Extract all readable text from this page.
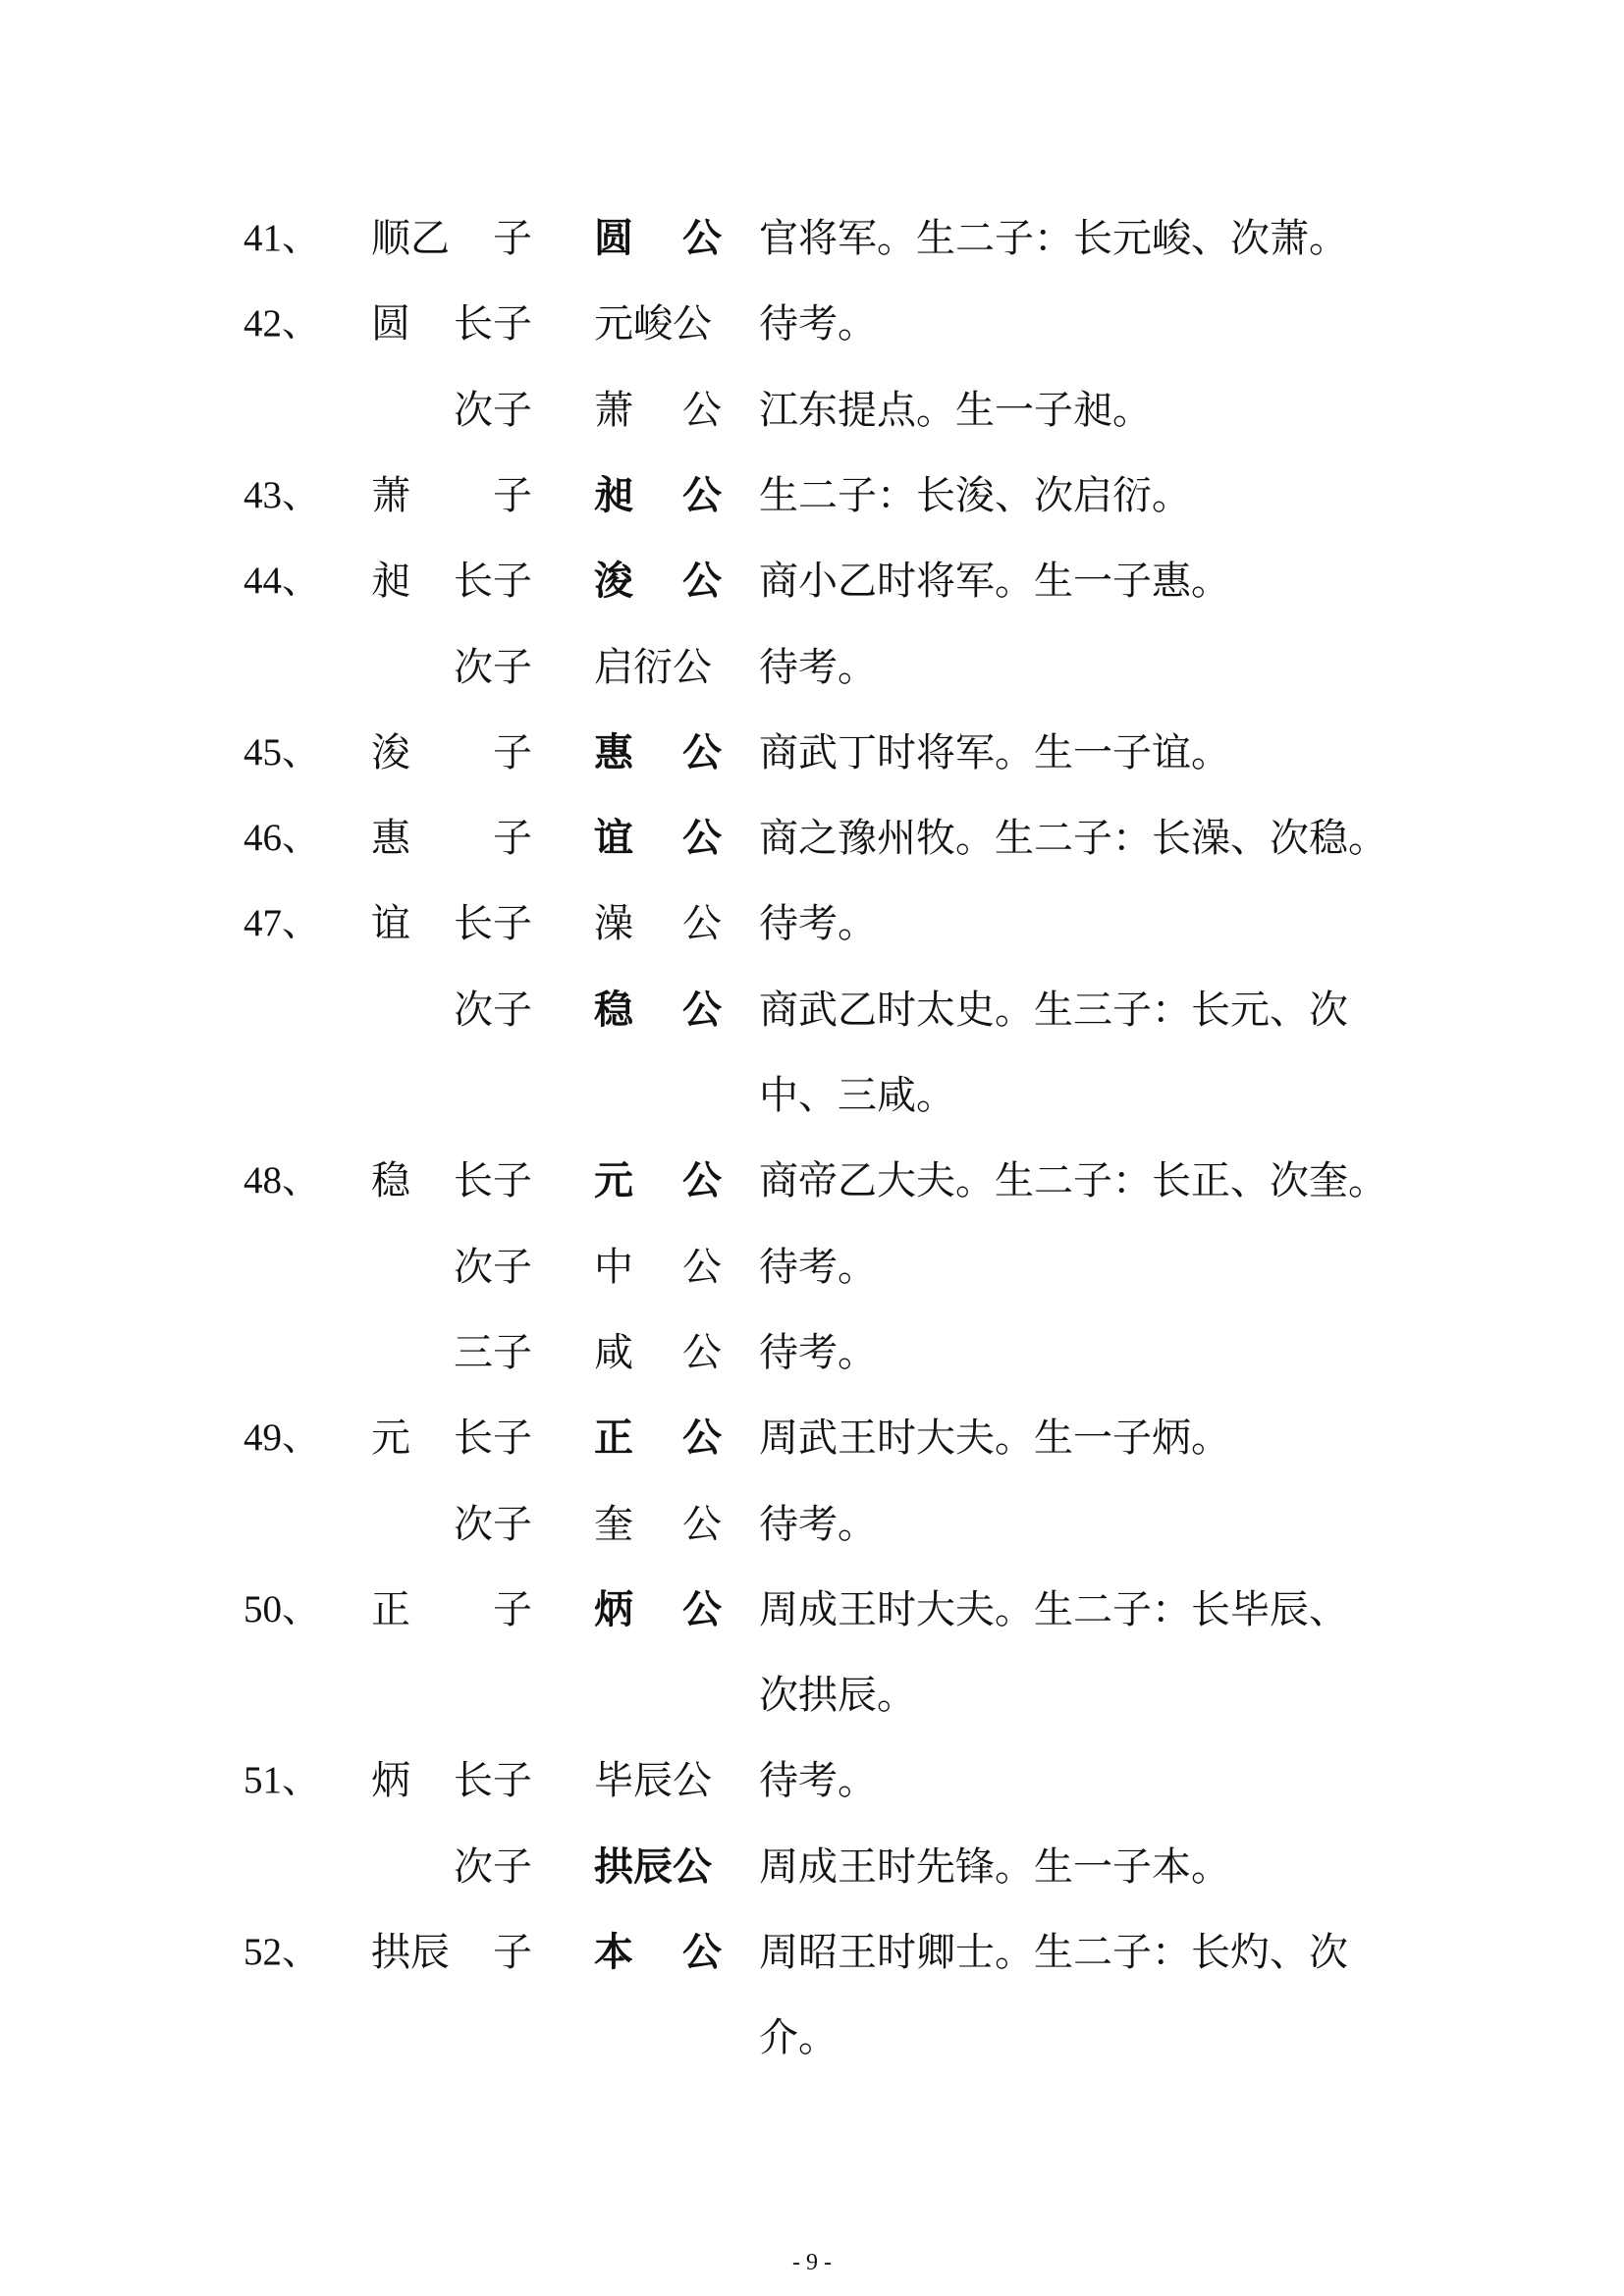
41、 顺乙	子 圆公 官将军。生二子：长元峻、次萧。
42、 圆 长子 元峻公 待考。
次子 萧公 江东提点。生一子昶。
43、 萧	子 昶公 生二子：长浚、次启衍。
44、 昶 长子 浚公 商小乙时将军。生一子惠。
次子 启衍公 待考。
45、 浚	子 惠公 商武丁时将军。生一子谊。
46、 惠	子 谊公 商之豫州牧。生二子：长澡、次稳。
47、 谊 长子 澡公 待考。
次子 稳公 商武乙时太史。生三子：长元、次
中、三咸。
48、 稳 长子 元公 商帝乙大夫。生二子：长正、次奎。
次子 中公 待考。
三子 咸公 待考。
49、 元 长子 正公 周武王时大夫。生一子炳。
次子 奎公 待考。
50、 正	子 炳公 周成王时大夫。生二子：长毕辰、
次拱辰。
51、 炳 长子 毕辰公 待考。
次子 拱辰公 周成王时先锋。生一子本。
52、 拱辰	子 本公 周昭王时卿士。生二子：长灼、次
介。
- 9 -
